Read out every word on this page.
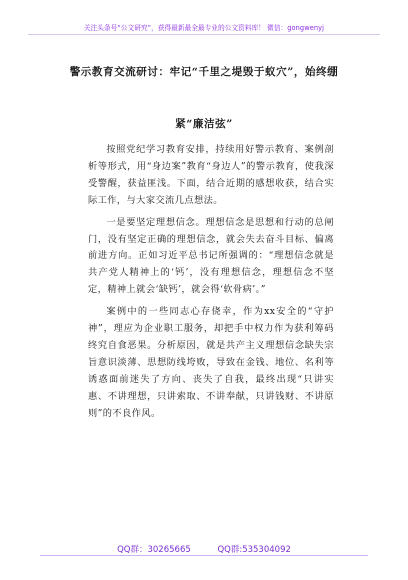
关注头条号“公文研究”，获得最新最全最专业的公文资料库！ 微信：gongwenyj
警示教育交流研讨：牢记“千里之堤毁于蚁穴”，始终绷
紧“廉洁弦”

按照党纪学习教育安排，持续用好警示教育、案例剖析等形式，用“身边案”教育“身边人”的警示教育，使我深受警醒，获益匪浅。下面，结合近期的感想收获，结合实际工作，与大家交流几点想法。

一是要坚定理想信念。理想信念是思想和行动的总闸门，没有坚定正确的理想信念，就会失去奋斗目标、偏离前进方向。正如习近平总书记所强调的：“理想信念就是共产党人精神上的‘钙’，没有理想信念，理想信念不坚定，精神上就会‘缺钙’，就会得‘软骨病’。”

案例中的一些同志心存侥幸，作为xx安全的“守护神”，理应为企业职工服务，却把手中权力作为获利筹码终究自食恶果。分析原因，就是共产主义理想信念缺失宗旨意识淡薄、思想防线垮败，导致在金钱、地位、名利等诱惑面前迷失了方向、丧失了自我，最终出现“只讲实惠、不讲理想，只讲索取、不讲奉献，只讲钱财、不讲原则”的不良作风。

QQ群：30265665	QQ群:535304092
